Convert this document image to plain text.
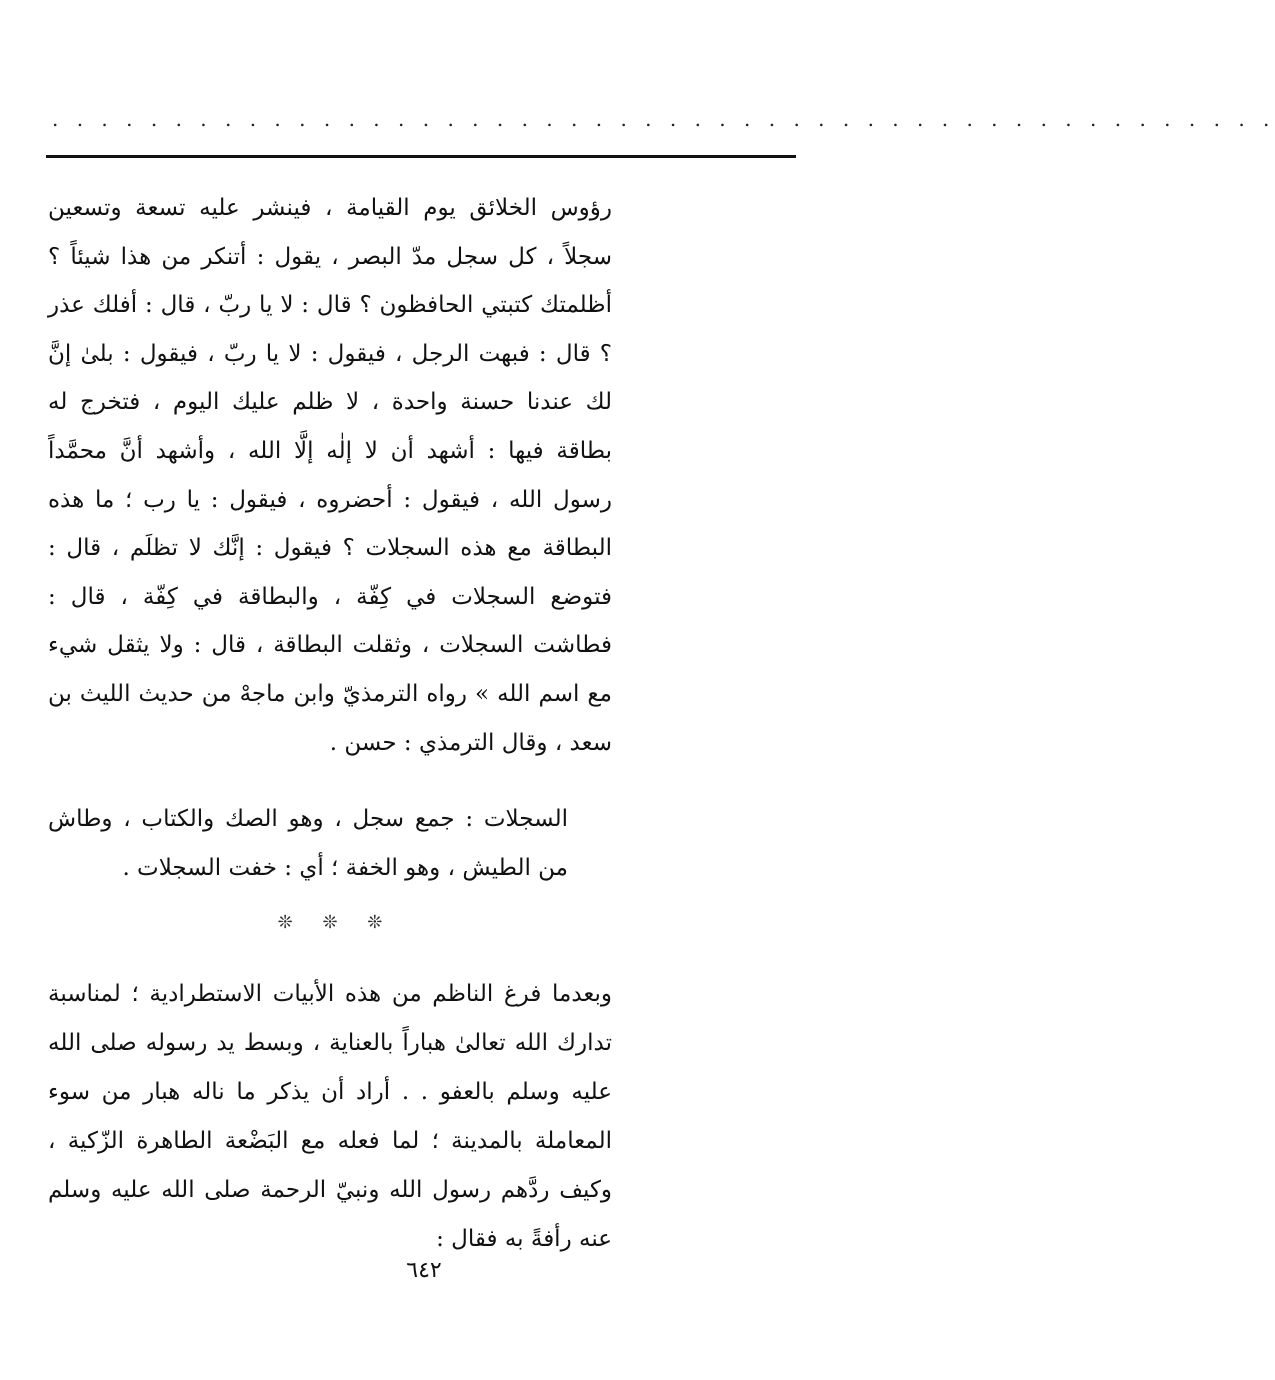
. . . . . . . . . . . . . . . . . . . . . . . . . . . . . . . . . . . . . . . . . . . . . . . . . .

رؤوس الخلائق يوم القيامة ، فينشر عليه تسعة وتسعين سجلاً ، كل سجل مدّ البصر ، يقول : أتنكر من هذا شيئاً ؟ أظلمتك كتبتي الحافظون ؟ قال : لا يا ربّ ، قال : أفلك عذر ؟ قال : فبهت الرجل ، فيقول : لا يا ربّ ، فيقول : بلىٰ إنَّ لك عندنا حسنة واحدة ، لا ظلم عليك اليوم ، فتخرج له بطاقة فيها : أشهد أن لا إلٰه إلَّا الله ، وأشهد أنَّ محمَّداً رسول الله ، فيقول : أحضروه ، فيقول : يا رب ؛ ما هذه البطاقة مع هذه السجلات ؟ فيقول : إنَّك لا تظلَم ، قال : فتوضع السجلات في كِفّة ، والبطاقة في كِفّة ، قال : فطاشت السجلات ، وثقلت البطاقة ، قال : ولا يثقل شيء مع اسم الله » رواه الترمذيّ وابن ماجهْ من حديث الليث بن سعد ، وقال الترمذي : حسن .

السجلات : جمع سجل ، وهو الصك والكتاب ، وطاش من الطيش ، وهو الخفة ؛ أي : خفت السجلات .

❊ ❊ ❊

وبعدما فرغ الناظم من هذه الأبيات الاستطرادية ؛ لمناسبة تدارك الله تعالىٰ هباراً بالعناية ، وبسط يد رسوله صلى الله عليه وسلم بالعفو . . أراد أن يذكر ما ناله هبار من سوء المعاملة بالمدينة ؛ لما فعله مع البَضْعة الطاهرة الزّكية ، وكيف ردَّهم رسول الله ونبيّ الرحمة صلى الله عليه وسلم عنه رأفةً به فقال :

٦٤٢
